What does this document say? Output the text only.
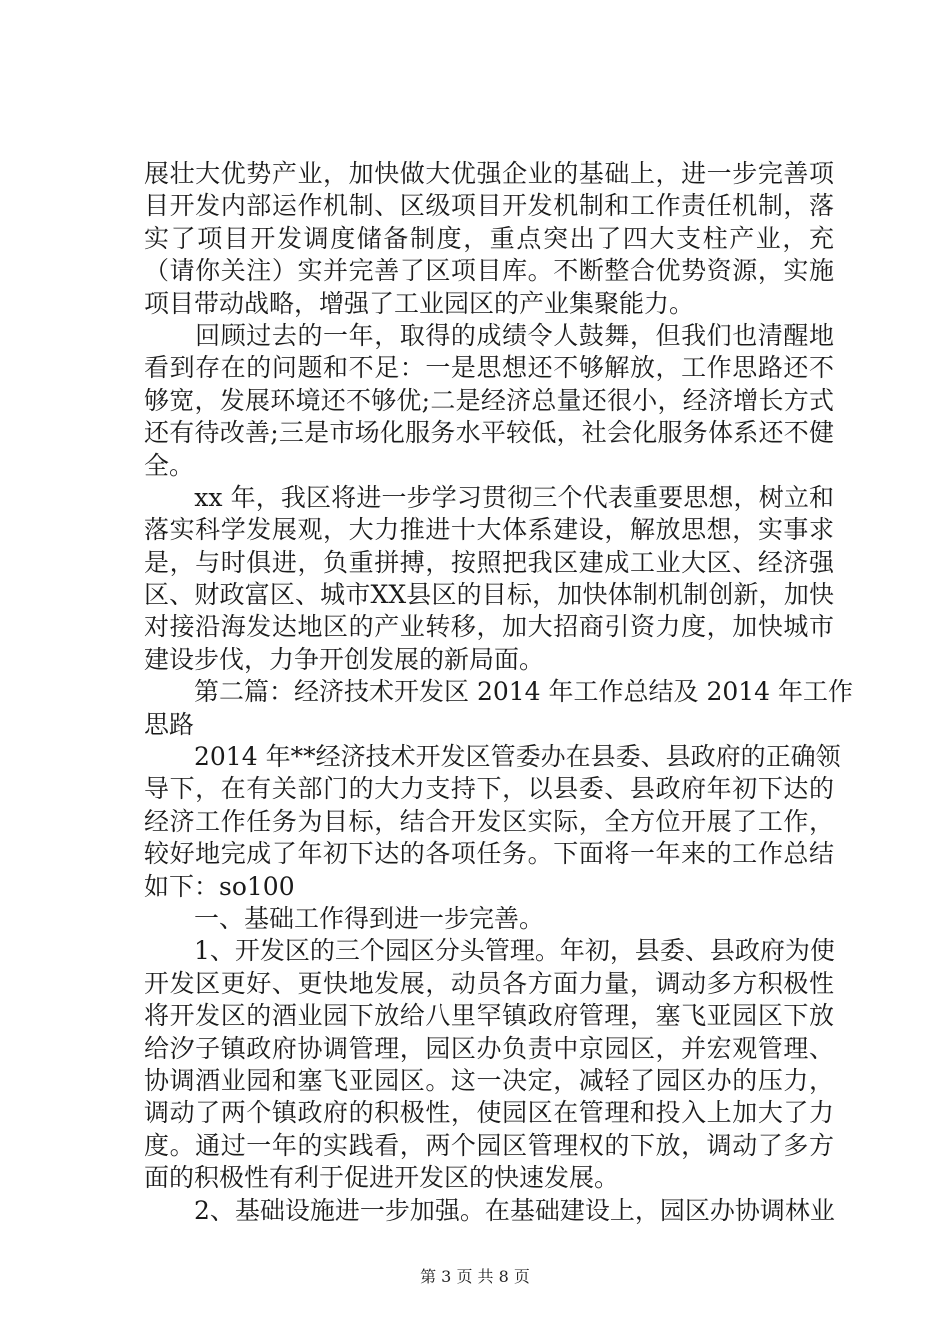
展壮大优势产业，加快做大优强企业的基础上，进一步完善项
目开发内部运作机制、区级项目开发机制和工作责任机制，落
实了项目开发调度储备制度，重点突出了四大支柱产业，充
（请你关注）实并完善了区项目库。不断整合优势资源，实施
项目带动战略，增强了工业园区的产业集聚能力。
　　回顾过去的一年，取得的成绩令人鼓舞，但我们也清醒地
看到存在的问题和不足：一是思想还不够解放，工作思路还不
够宽，发展环境还不够优;二是经济总量还很小，经济增长方式
还有待改善;三是市场化服务水平较低，社会化服务体系还不健
全。
　　xx 年，我区将进一步学习贯彻三个代表重要思想，树立和
落实科学发展观，大力推进十大体系建设，解放思想，实事求
是，与时俱进，负重拼搏，按照把我区建成工业大区、经济强
区、财政富区、城市XX县区的目标，加快体制机制创新，加快
对接沿海发达地区的产业转移，加大招商引资力度，加快城市
建设步伐，力争开创发展的新局面。
　　第二篇：经济技术开发区 2014 年工作总结及 2014 年工作
思路
　　2014 年**经济技术开发区管委办在县委、县政府的正确领
导下，在有关部门的大力支持下，以县委、县政府年初下达的
经济工作任务为目标，结合开发区实际，全方位开展了工作，
较好地完成了年初下达的各项任务。下面将一年来的工作总结
如下：so100
　　一、基础工作得到进一步完善。
　　1、开发区的三个园区分头管理。年初，县委、县政府为使
开发区更好、更快地发展，动员各方面力量，调动多方积极性
将开发区的酒业园下放给八里罕镇政府管理，塞飞亚园区下放
给汐子镇政府协调管理，园区办负责中京园区，并宏观管理、
协调酒业园和塞飞亚园区。这一决定，减轻了园区办的压力，
调动了两个镇政府的积极性，使园区在管理和投入上加大了力
度。通过一年的实践看，两个园区管理权的下放，调动了多方
面的积极性有利于促进开发区的快速发展。
　　2、基础设施进一步加强。在基础建设上，园区办协调林业
第 3 页 共 8 页
